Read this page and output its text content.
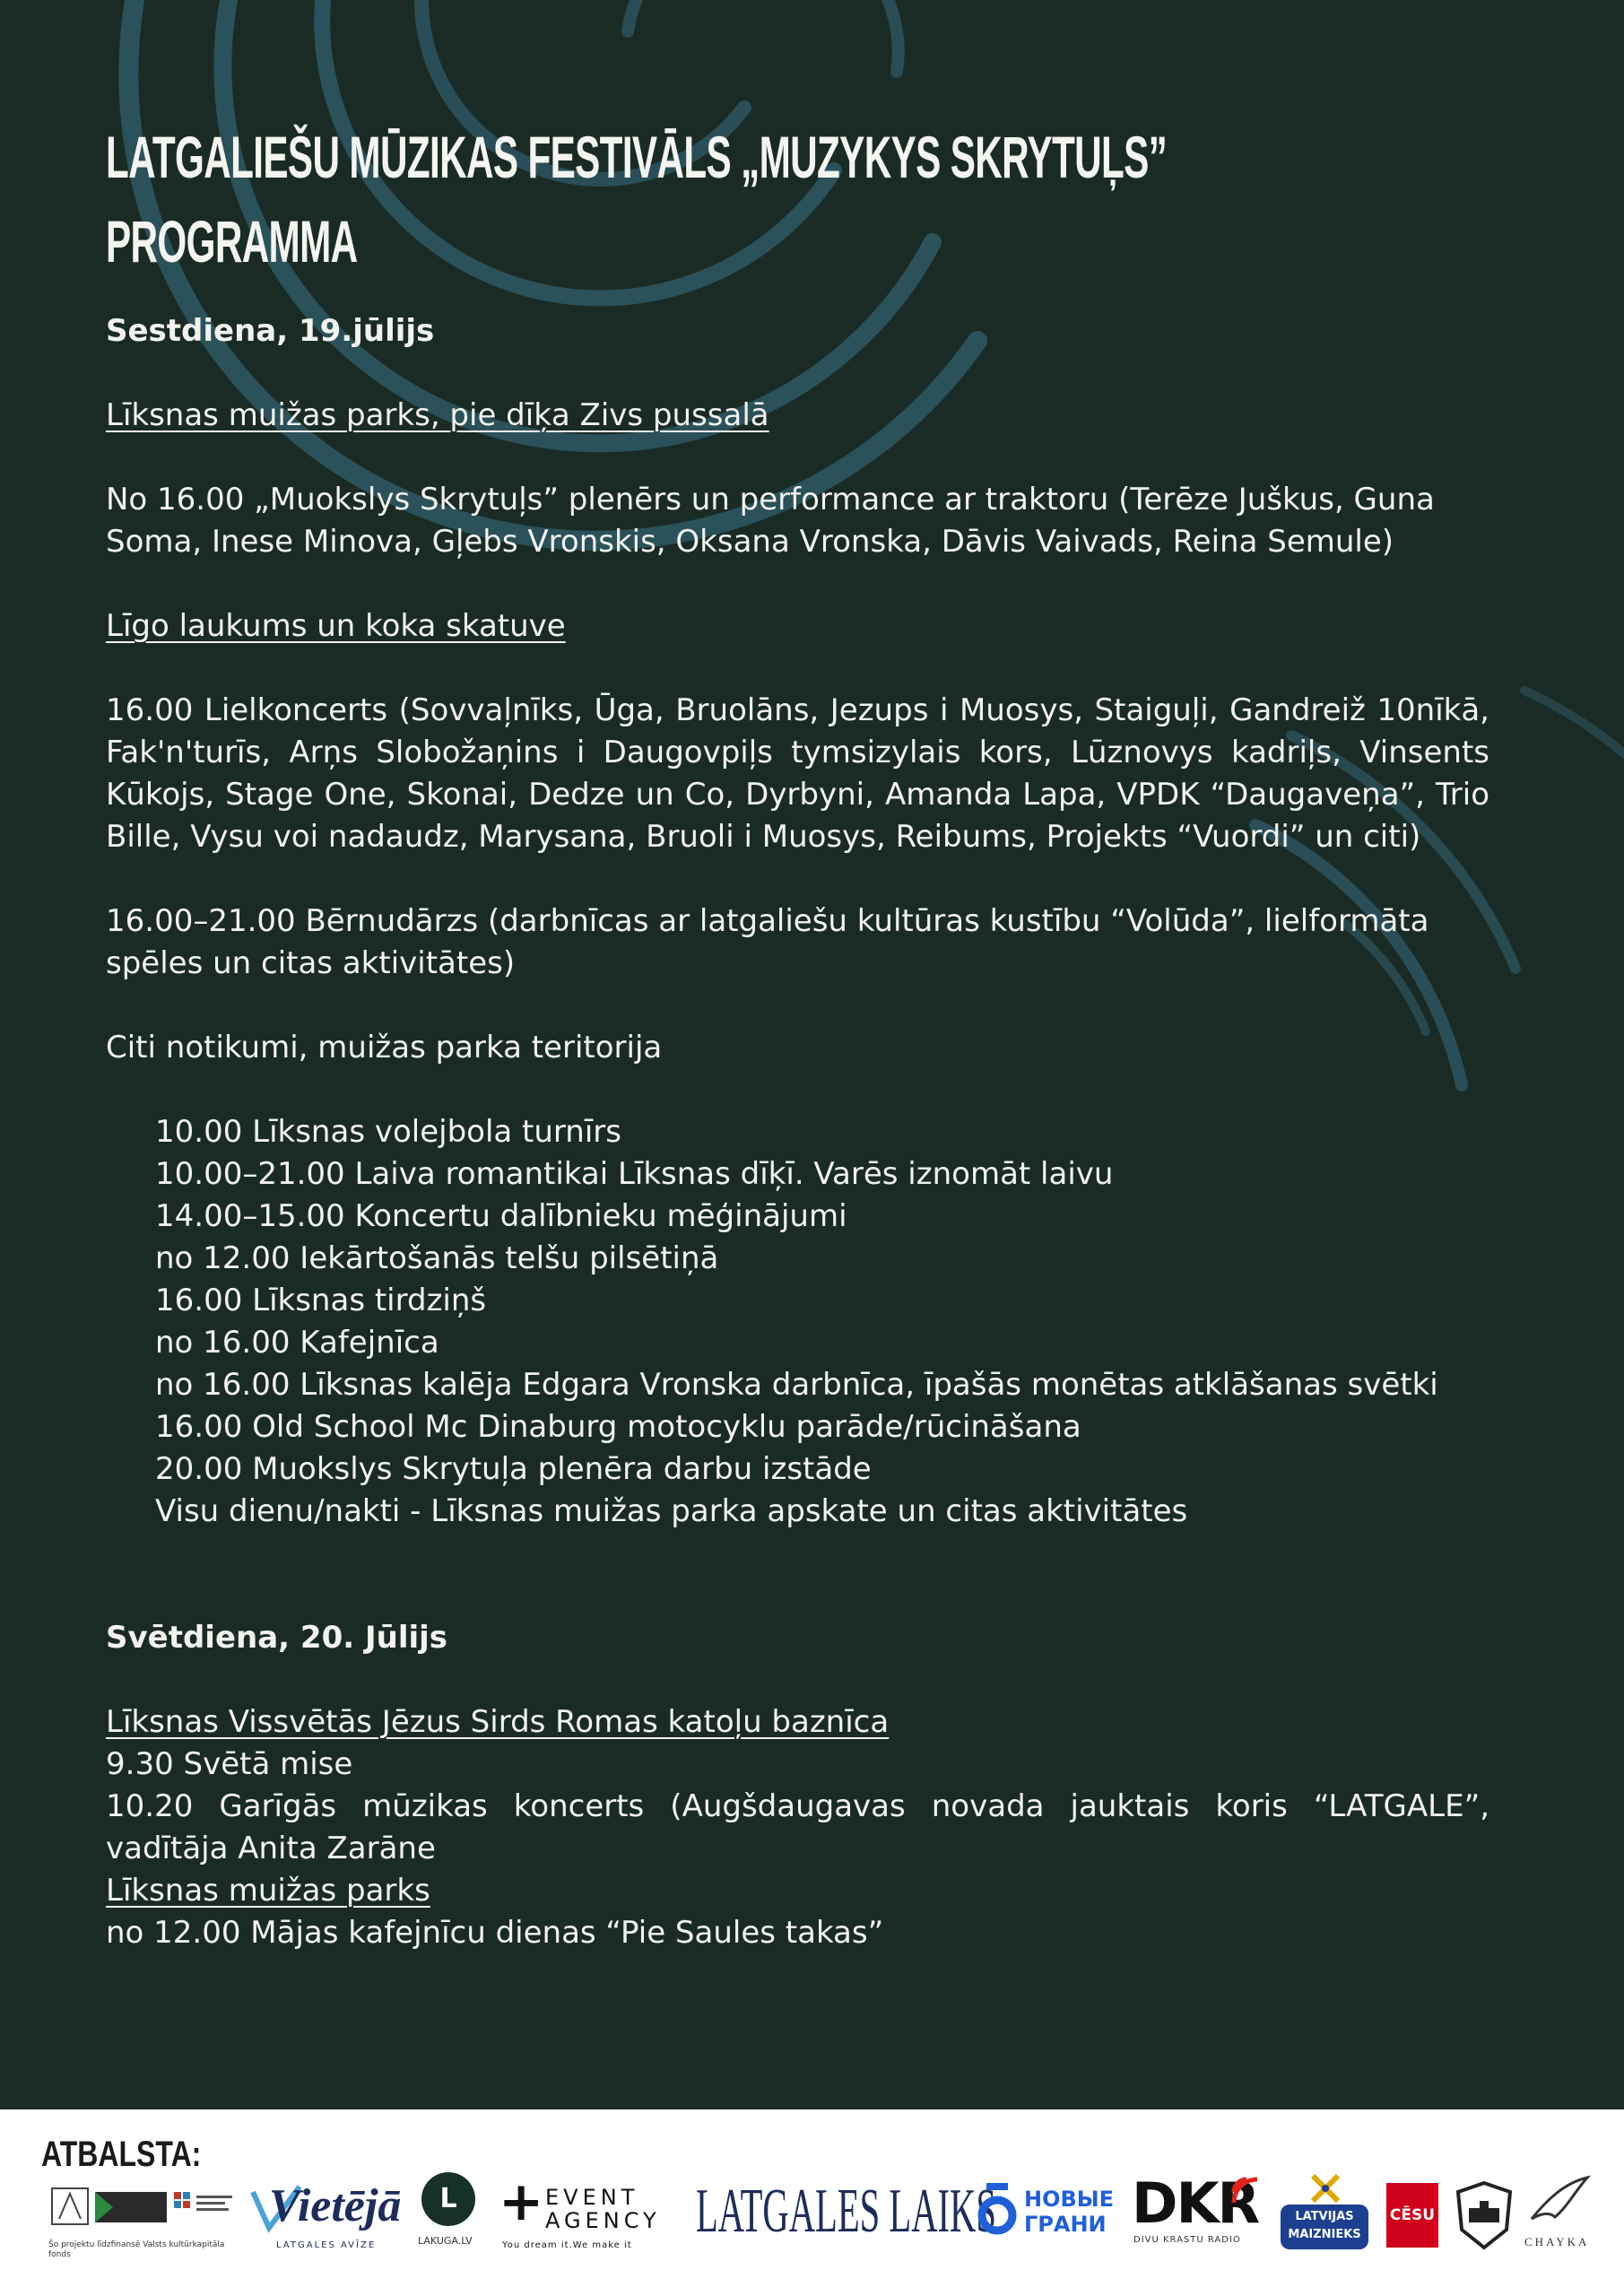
LATGALIEŠU MŪZIKAS FESTIVĀLS „MUZYKYS SKRYTUĻS”
PROGRAMMA

Sestdiena, 19.jūlijs

Līksnas muižas parks, pie dīķa Zivs pussalā

No 16.00 „Muokslys Skrytuļs” plenērs un performance ar traktoru (Terēze Juškus, Guna Soma, Inese Minova, Gļebs Vronskis, Oksana Vronska, Dāvis Vaivads, Reina Semule)

Līgo laukums un koka skatuve

16.00 Lielkoncerts (Sovvaļnīks, Ūga, Bruolāns, Jezups i Muosys, Staiguļi, Gandreiž 10nīkā, Fak'n'turīs, Arņs Slobožaņins i Daugovpiļs tymsizylais kors, Lūznovys kadriļs, Vinsents Kūkojs, Stage One, Skonai, Dedze un Co, Dyrbyni, Amanda Lapa, VPDK “Daugaveņa”, Trio Bille, Vysu voi nadaudz, Marysana, Bruoli i Muosys, Reibums, Projekts “Vuordi” un citi)

16.00–21.00 Bērnudārzs (darbnīcas ar latgaliešu kultūras kustību “Volūda”, lielformāta spēles un citas aktivitātes)

Citi notikumi, muižas parka teritorija

10.00 Līksnas volejbola turnīrs

10.00–21.00 Laiva romantikai Līksnas dīķī. Varēs iznomāt laivu

14.00–15.00 Koncertu dalībnieku mēģinājumi

no 12.00 Iekārtošanās telšu pilsētiņā

16.00 Līksnas tirdziņš

no 16.00 Kafejnīca

no 16.00 Līksnas kalēja Edgara Vronska darbnīca, īpašās monētas atklāšanas svētki

16.00 Old School Mc Dinaburg motocyklu parāde/rūcināšana

20.00 Muokslys Skrytuļa plenēra darbu izstāde

Visu dienu/nakti - Līksnas muižas parka apskate un citas aktivitātes

Svētdiena, 20. Jūlijs

Līksnas Vissvētās Jēzus Sirds Romas katoļu baznīca

9.30 Svētā mise

10.20 Garīgās mūzikas koncerts (Augšdaugavas novada jauktais koris “LATGALE”, vadītāja Anita Zarāne

Līksnas muižas parks

no 12.00 Mājas kafejnīcu dienas “Pie Saules takas”

ATBALSTA:
Šo projektu līdzfinansē Valsts kultūrkapitāla fonds
Vietējā
LATGALES AVĪZE
L
LAKUGA.LV
+ EVENT
AGENCY
You dream it.We make it LATGALES LAIKS НОВЫЕ
ГРАНИ DKR
DIVU KRASTU RADIO
LATVIJAS
MAIZNIEKS
CĒSU
CHAYKA
